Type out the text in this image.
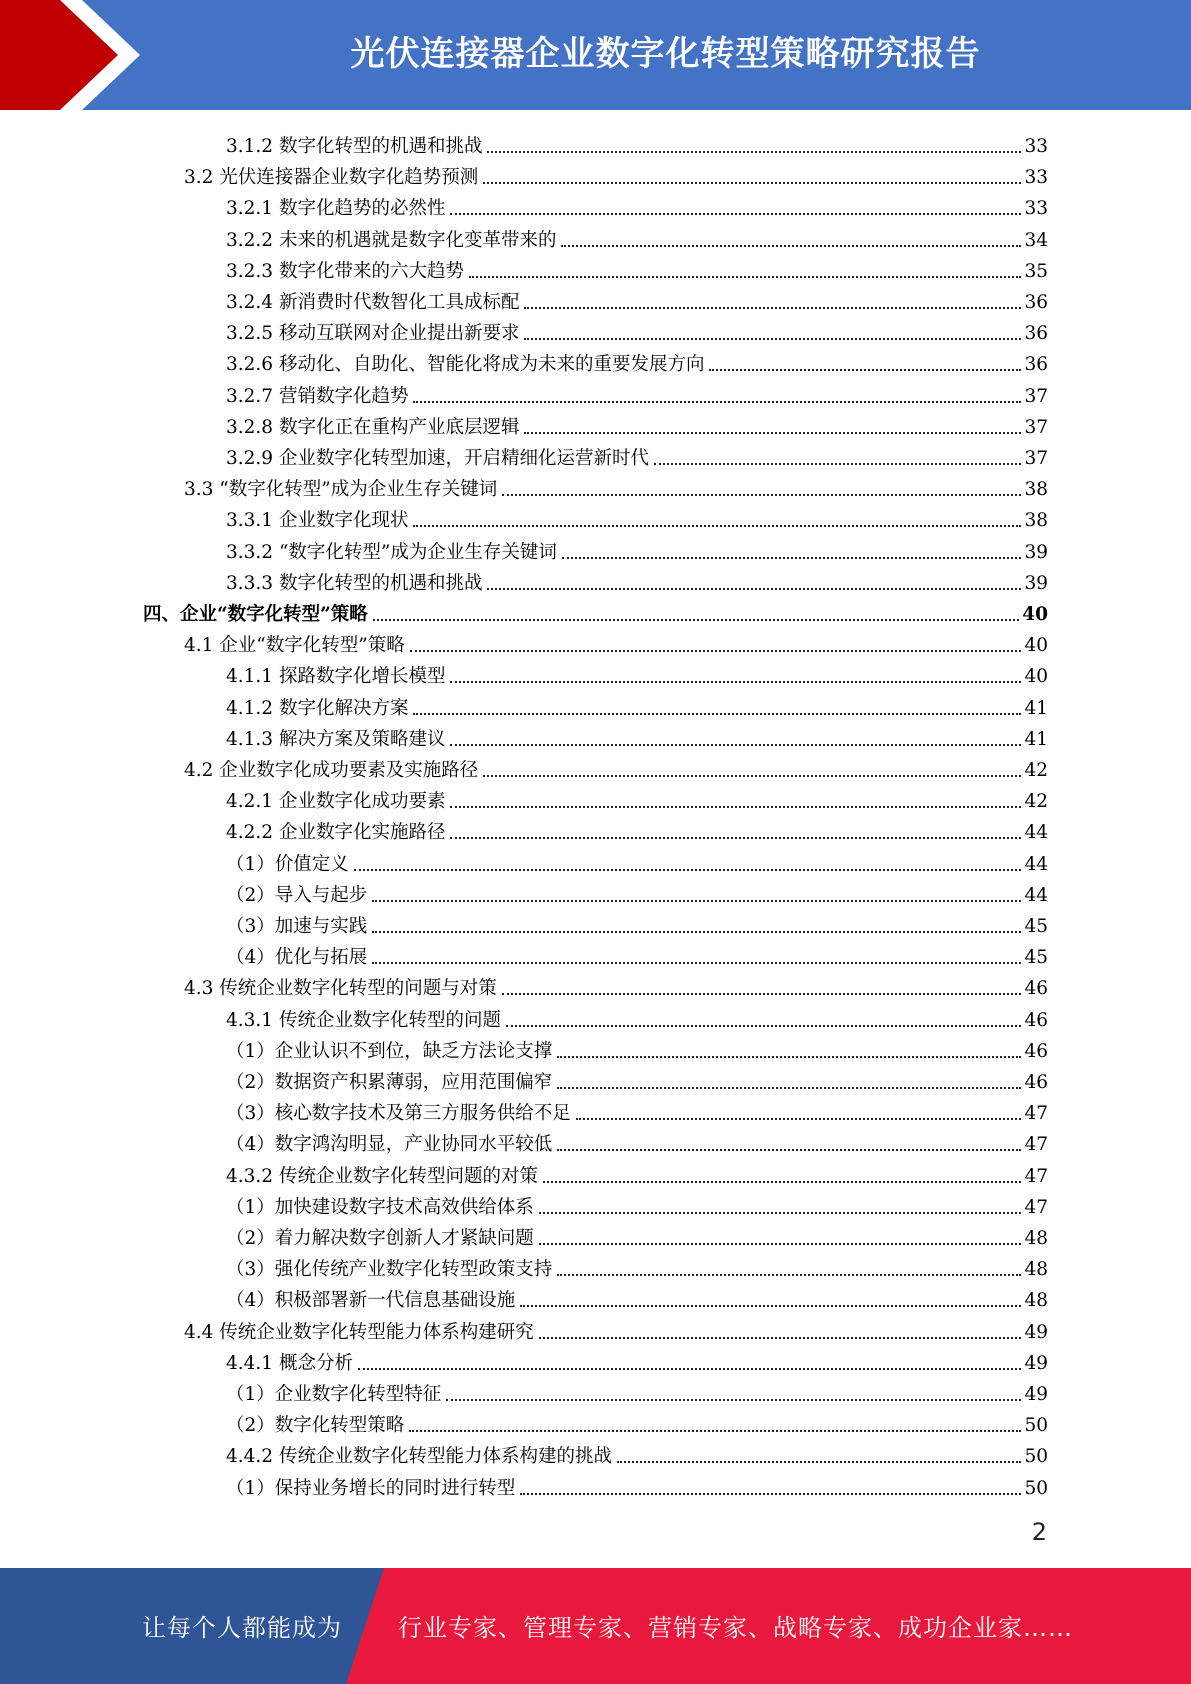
光伏连接器企业数字化转型策略研究报告
3.1.2 数字化转型的机遇和挑战	33
3.2 光伏连接器企业数字化趋势预测	33
3.2.1 数字化趋势的必然性	33
3.2.2 未来的机遇就是数字化变革带来的	34
3.2.3 数字化带来的六大趋势	35
3.2.4 新消费时代数智化工具成标配	36
3.2.5 移动互联网对企业提出新要求	36
3.2.6 移动化、自助化、智能化将成为未来的重要发展方向	36
3.2.7 营销数字化趋势	37
3.2.8 数字化正在重构产业底层逻辑	37
3.2.9 企业数字化转型加速，开启精细化运营新时代	37
3.3 “数字化转型”成为企业生存关键词	38
3.3.1 企业数字化现状	38
3.3.2 “数字化转型”成为企业生存关键词	39
3.3.3 数字化转型的机遇和挑战	39
四、企业“数字化转型”策略	40
4.1 企业“数字化转型”策略	40
4.1.1 探路数字化增长模型	40
4.1.2 数字化解决方案	41
4.1.3 解决方案及策略建议	41
4.2 企业数字化成功要素及实施路径	42
4.2.1 企业数字化成功要素	42
4.2.2 企业数字化实施路径	44
（1）价值定义	44
（2）导入与起步	44
（3）加速与实践	45
（4）优化与拓展	45
4.3 传统企业数字化转型的问题与对策	46
4.3.1 传统企业数字化转型的问题	46
（1）企业认识不到位，缺乏方法论支撑	46
（2）数据资产积累薄弱，应用范围偏窄	46
（3）核心数字技术及第三方服务供给不足	47
（4）数字鸿沟明显，产业协同水平较低	47
4.3.2 传统企业数字化转型问题的对策	47
（1）加快建设数字技术高效供给体系	47
（2）着力解决数字创新人才紧缺问题	48
（3）强化传统产业数字化转型政策支持	48
（4）积极部署新一代信息基础设施	48
4.4 传统企业数字化转型能力体系构建研究	49
4.4.1 概念分析	49
（1）企业数字化转型特征	49
（2）数字化转型策略	50
4.4.2 传统企业数字化转型能力体系构建的挑战	50
（1）保持业务增长的同时进行转型	50
2
让每个人都能成为 行业专家、管理专家、营销专家、战略专家、成功企业家……
